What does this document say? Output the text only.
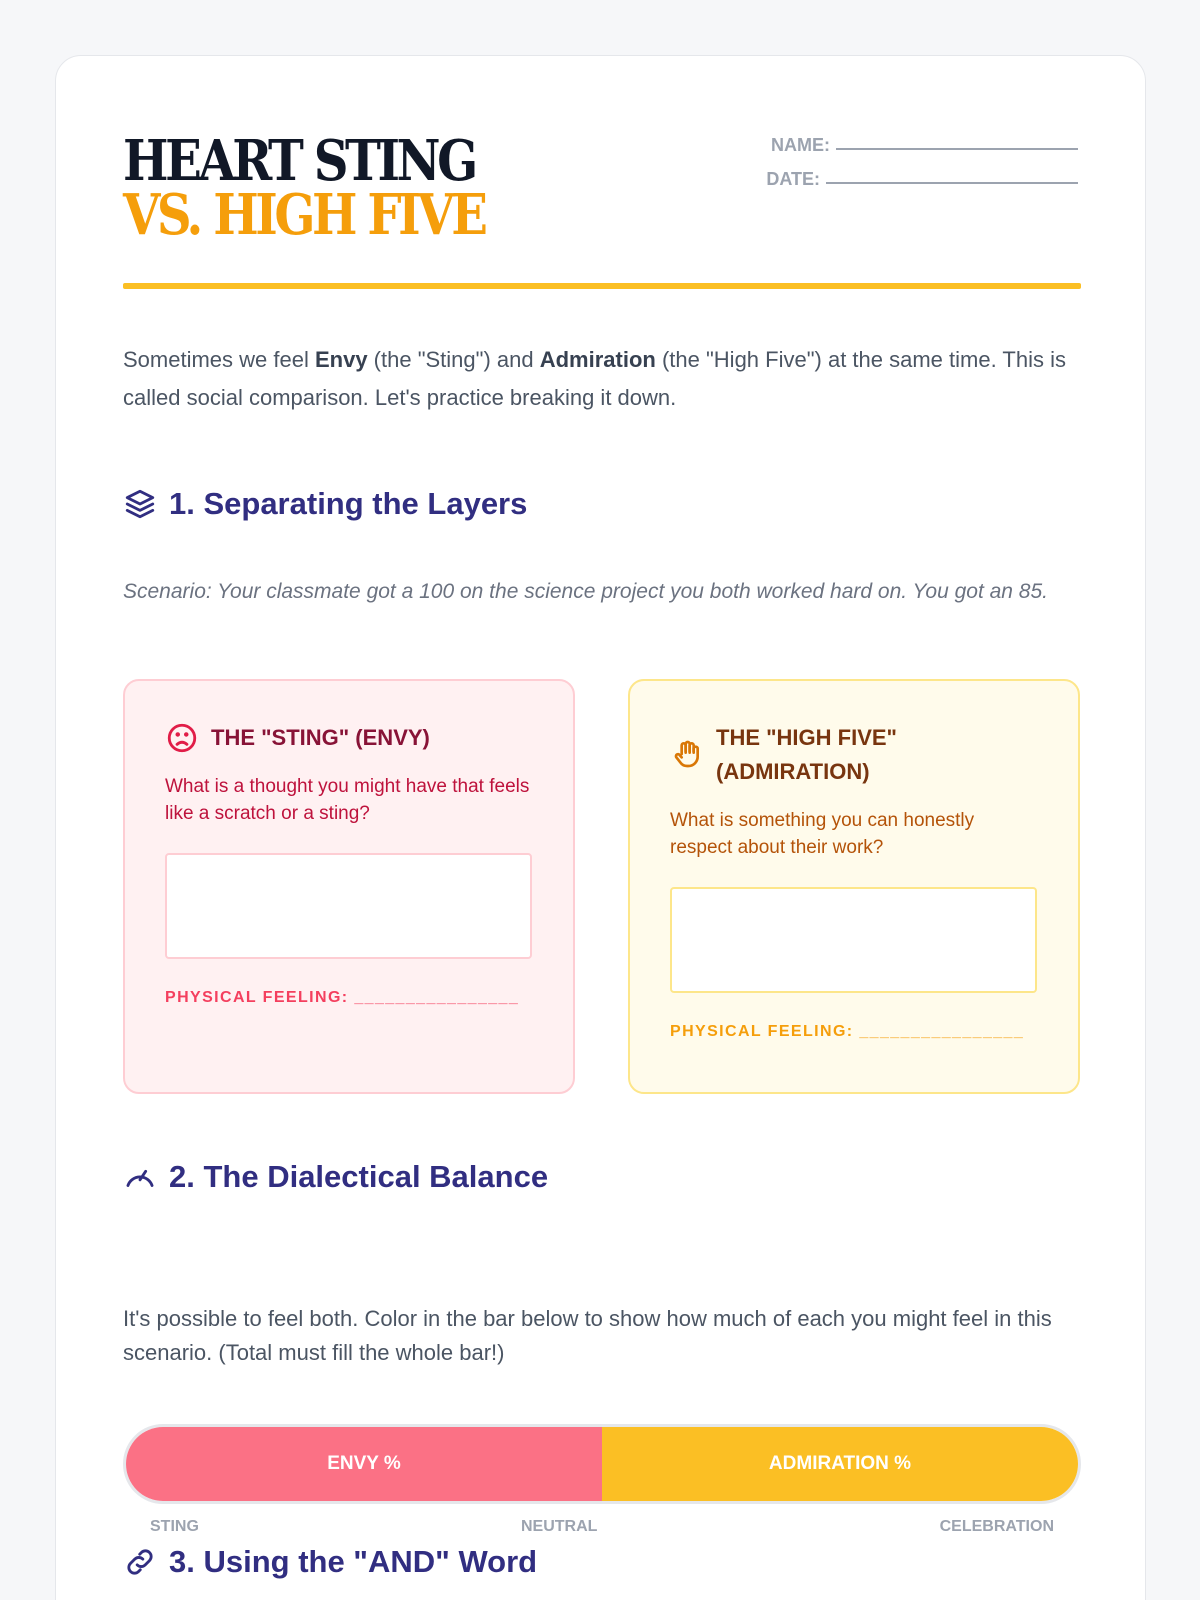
HEART STING
VS. HIGH FIVE
NAME:
DATE:
Sometimes we feel Envy (the "Sting") and Admiration (the "High Five") at the same time. This is called social comparison. Let's practice breaking it down.
1. Separating the Layers
Scenario: Your classmate got a 100 on the science project you both worked hard on. You got an 85.
THE "STING" (ENVY)
What is a thought you might have that feels like a scratch or a sting?
PHYSICAL FEELING: ________________
THE "HIGH FIVE" (ADMIRATION)
What is something you can honestly respect about their work?
PHYSICAL FEELING: ________________
2. The Dialectical Balance
It's possible to feel both. Color in the bar below to show how much of each you might feel in this scenario. (Total must fill the whole bar!)
ENVY %	ADMIRATION %
STING	NEUTRAL	CELEBRATION
3. Using the "AND" Word
